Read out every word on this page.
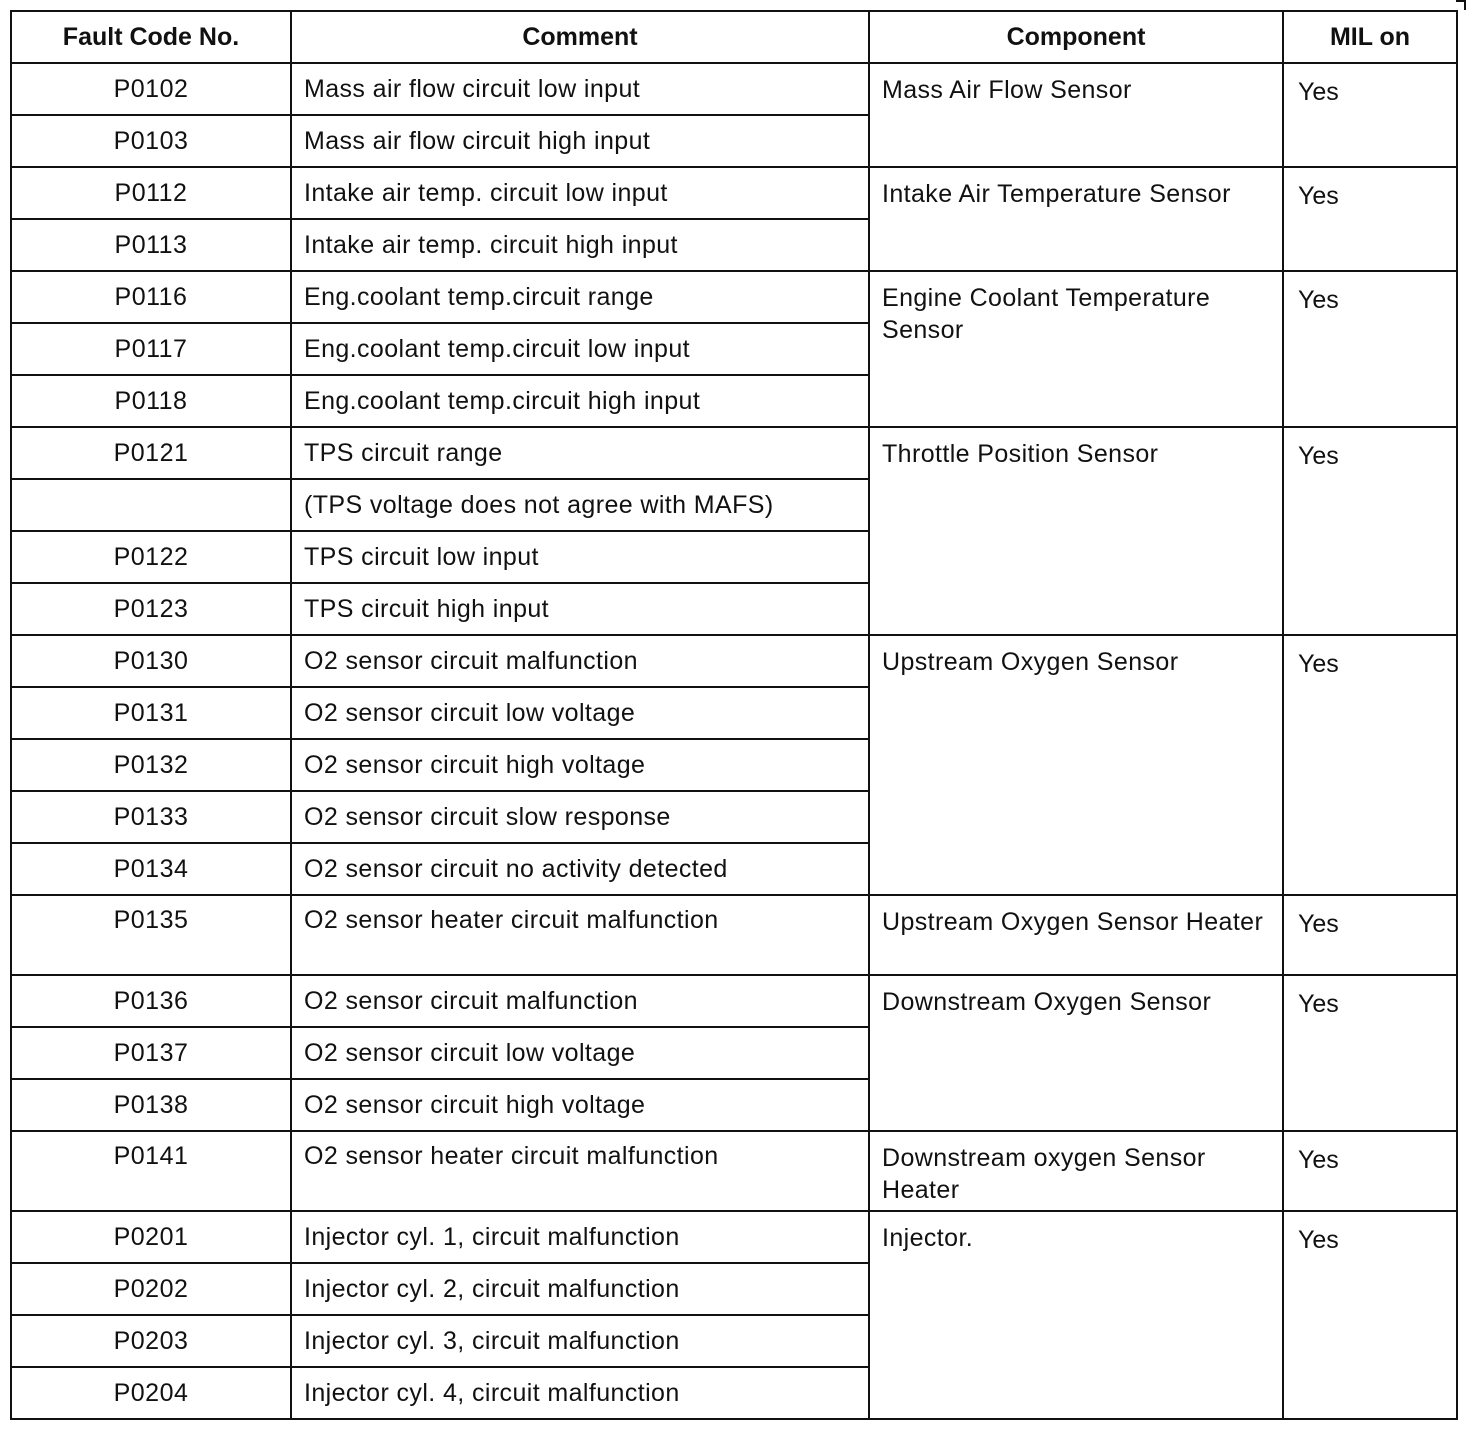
Fault Code No.	Comment	Component	MIL on
P0102	Mass air flow circuit low input	Mass Air Flow Sensor	Yes
P0103	Mass air flow circuit high input		
P0112	Intake air temp. circuit low input	Intake Air Temperature Sensor	Yes
P0113	Intake air temp. circuit high input		
P0116	Eng.coolant temp.circuit range	Engine Coolant Temperature Sensor	Yes
P0117	Eng.coolant temp.circuit low input		
P0118	Eng.coolant temp.circuit high input		
P0121	TPS circuit range	Throttle Position Sensor	Yes
	(TPS voltage does not agree with MAFS)		
P0122	TPS circuit low input		
P0123	TPS circuit high input		
P0130	O2 sensor circuit malfunction	Upstream Oxygen Sensor	Yes
P0131	O2 sensor circuit low voltage		
P0132	O2 sensor circuit high voltage		
P0133	O2 sensor circuit slow response		
P0134	O2 sensor circuit no activity detected		
P0135	O2 sensor heater circuit malfunction	Upstream Oxygen Sensor Heater	Yes
P0136	O2 sensor circuit malfunction	Downstream Oxygen Sensor	Yes
P0137	O2 sensor circuit low voltage		
P0138	O2 sensor circuit high voltage		
P0141	O2 sensor heater circuit malfunction	Downstream oxygen Sensor Heater	Yes
P0201	Injector cyl. 1, circuit malfunction	Injector.	Yes
P0202	Injector cyl. 2, circuit malfunction		
P0203	Injector cyl. 3, circuit malfunction		
P0204	Injector cyl. 4, circuit malfunction		
